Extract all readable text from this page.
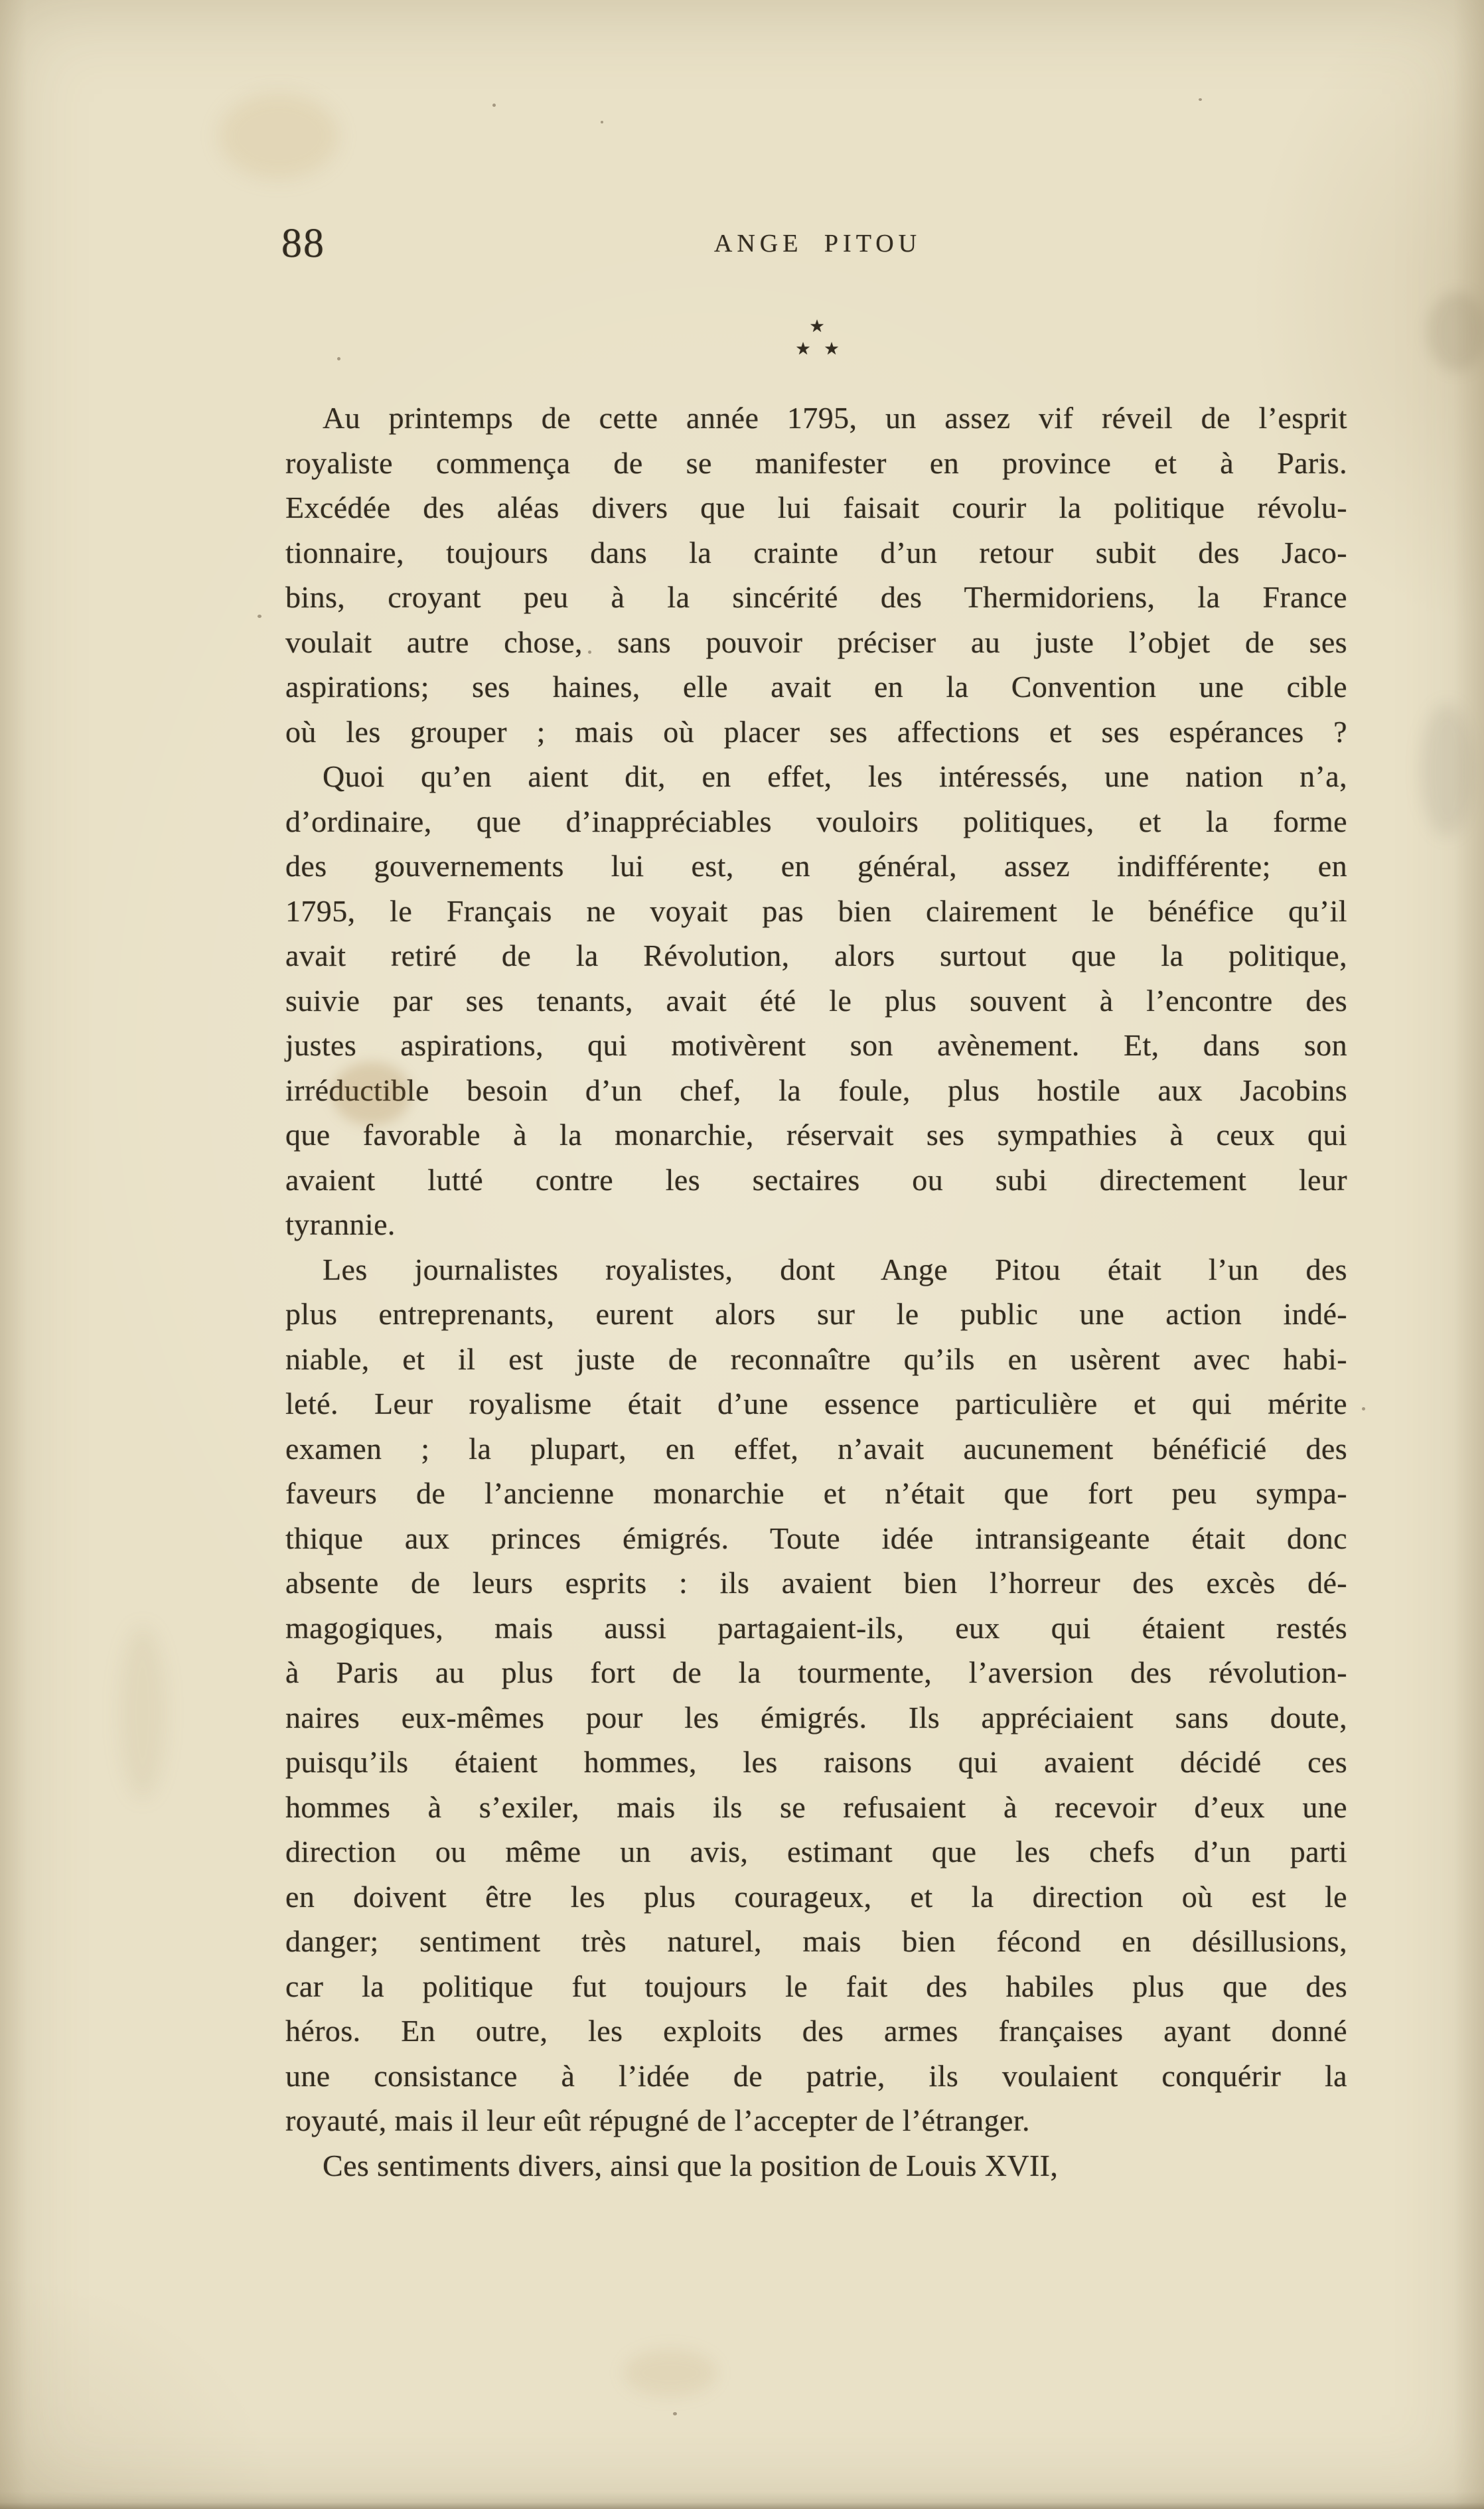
88	ANGE PITOU
★
★ ★
Au printemps de cette année 1795, un assez vif réveil de l’esprit
royaliste commença de se manifester en province et à Paris.
Excédée des aléas divers que lui faisait courir la politique révolu-
tionnaire, toujours dans la crainte d’un retour subit des Jaco-
bins, croyant peu à la sincérité des Thermidoriens, la France
voulait autre chose, sans pouvoir préciser au juste l’objet de ses
aspirations; ses haines, elle avait en la Convention une cible
où les grouper ; mais où placer ses affections et ses espérances ?
Quoi qu’en aient dit, en effet, les intéressés, une nation n’a,
d’ordinaire, que d’inappréciables vouloirs politiques, et la forme
des gouvernements lui est, en général, assez indifférente; en
1795, le Français ne voyait pas bien clairement le bénéfice qu’il
avait retiré de la Révolution, alors surtout que la politique,
suivie par ses tenants, avait été le plus souvent à l’encontre des
justes aspirations, qui motivèrent son avènement. Et, dans son
irréductible besoin d’un chef, la foule, plus hostile aux Jacobins
que favorable à la monarchie, réservait ses sympathies à ceux qui
avaient lutté contre les sectaires ou subi directement leur
tyrannie.
Les journalistes royalistes, dont Ange Pitou était l’un des
plus entreprenants, eurent alors sur le public une action indé-
niable, et il est juste de reconnaître qu’ils en usèrent avec habi-
leté. Leur royalisme était d’une essence particulière et qui mérite
examen ; la plupart, en effet, n’avait aucunement bénéficié des
faveurs de l’ancienne monarchie et n’était que fort peu sympa-
thique aux princes émigrés. Toute idée intransigeante était donc
absente de leurs esprits : ils avaient bien l’horreur des excès dé-
magogiques, mais aussi partagaient-ils, eux qui étaient restés
à Paris au plus fort de la tourmente, l’aversion des révolution-
naires eux-mêmes pour les émigrés. Ils appréciaient sans doute,
puisqu’ils étaient hommes, les raisons qui avaient décidé ces
hommes à s’exiler, mais ils se refusaient à recevoir d’eux une
direction ou même un avis, estimant que les chefs d’un parti
en doivent être les plus courageux, et la direction où est le
danger; sentiment très naturel, mais bien fécond en désillusions,
car la politique fut toujours le fait des habiles plus que des
héros. En outre, les exploits des armes françaises ayant donné
une consistance à l’idée de patrie, ils voulaient conquérir la
royauté, mais il leur eût répugné de l’accepter de l’étranger.
Ces sentiments divers, ainsi que la position de Louis XVII,
